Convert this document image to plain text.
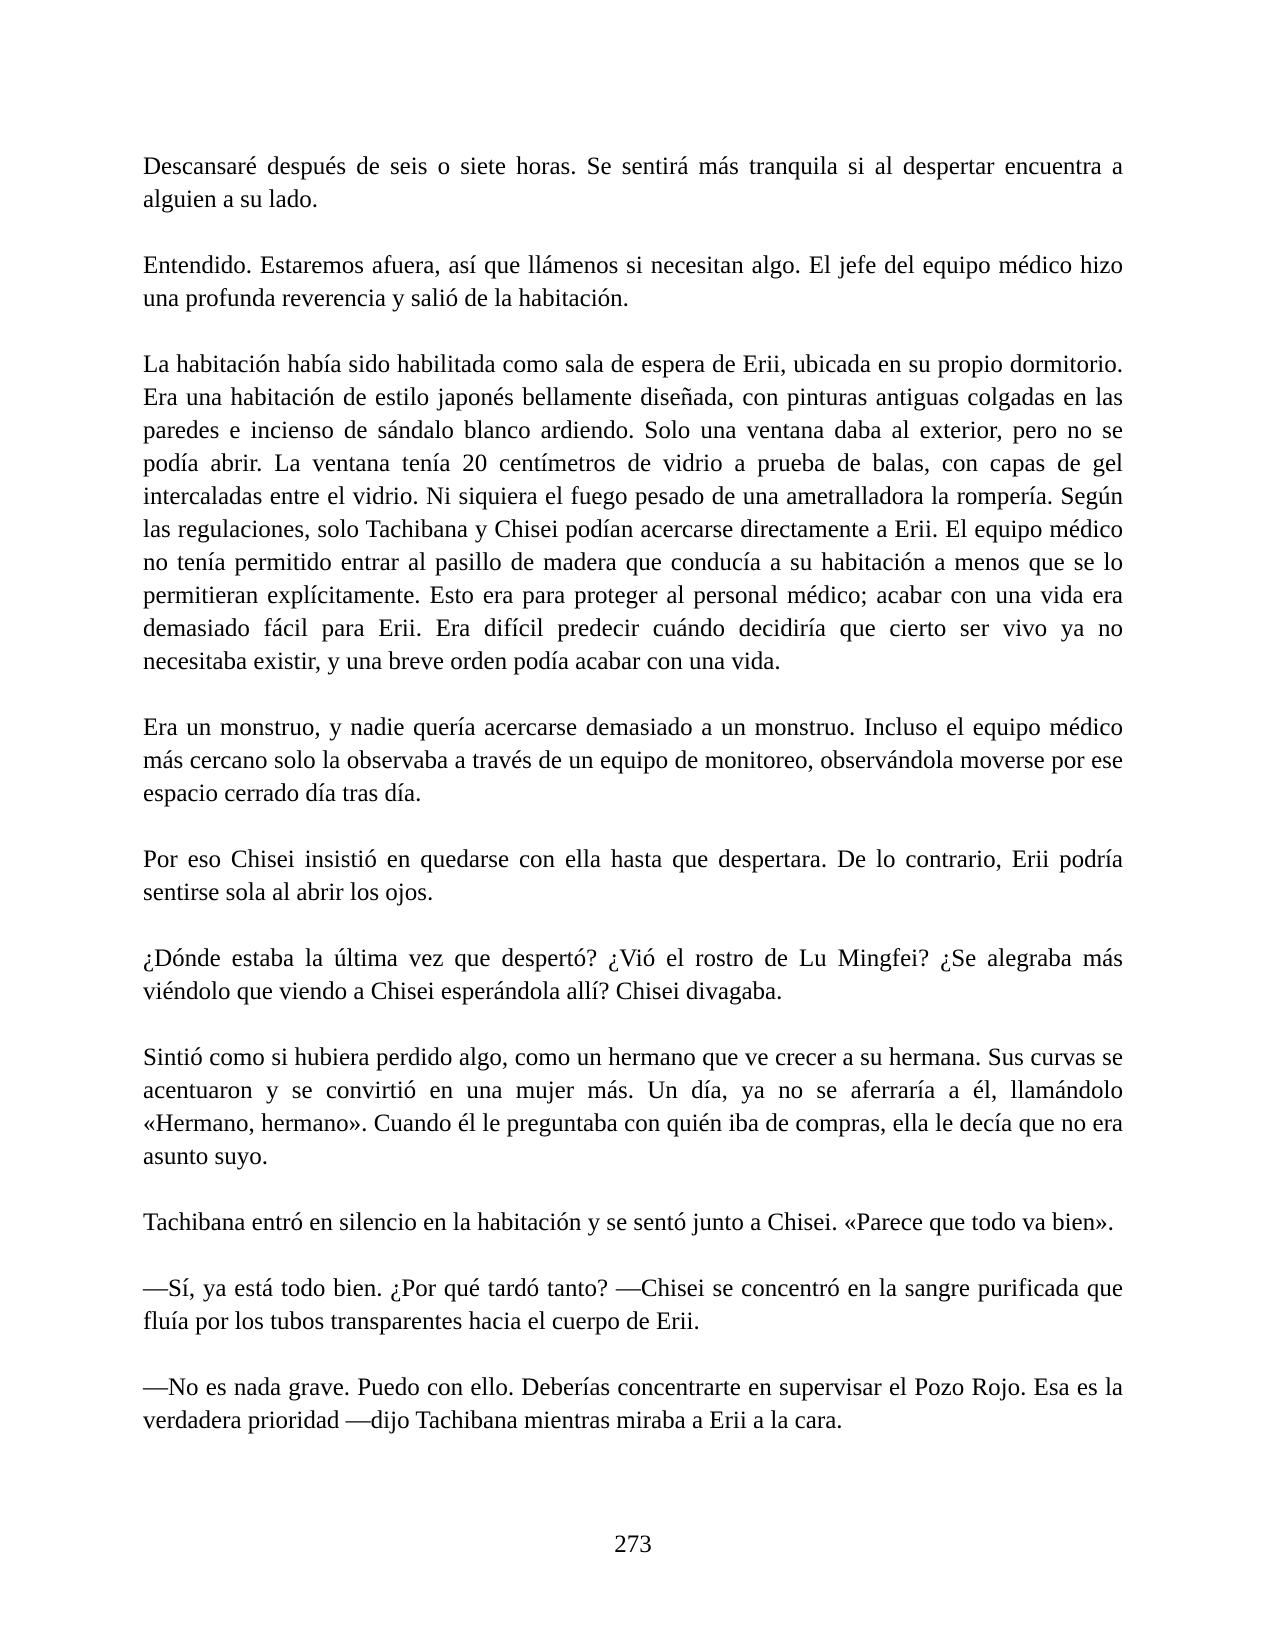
Descansaré después de seis o siete horas. Se sentirá más tranquila si al despertar encuentra a alguien a su lado.

Entendido. Estaremos afuera, así que llámenos si necesitan algo. El jefe del equipo médico hizo una profunda reverencia y salió de la habitación.

La habitación había sido habilitada como sala de espera de Erii, ubicada en su propio dormitorio. Era una habitación de estilo japonés bellamente diseñada, con pinturas antiguas colgadas en las paredes e incienso de sándalo blanco ardiendo. Solo una ventana daba al exterior, pero no se podía abrir. La ventana tenía 20 centímetros de vidrio a prueba de balas, con capas de gel intercaladas entre el vidrio. Ni siquiera el fuego pesado de una ametralladora la rompería. Según las regulaciones, solo Tachibana y Chisei podían acercarse directamente a Erii. El equipo médico no tenía permitido entrar al pasillo de madera que conducía a su habitación a menos que se lo permitieran explícitamente. Esto era para proteger al personal médico; acabar con una vida era demasiado fácil para Erii. Era difícil predecir cuándo decidiría que cierto ser vivo ya no necesitaba existir, y una breve orden podía acabar con una vida.

Era un monstruo, y nadie quería acercarse demasiado a un monstruo. Incluso el equipo médico más cercano solo la observaba a través de un equipo de monitoreo, observándola moverse por ese espacio cerrado día tras día.

Por eso Chisei insistió en quedarse con ella hasta que despertara. De lo contrario, Erii podría sentirse sola al abrir los ojos.

¿Dónde estaba la última vez que despertó? ¿Vió el rostro de Lu Mingfei? ¿Se alegraba más viéndolo que viendo a Chisei esperándola allí? Chisei divagaba.

Sintió como si hubiera perdido algo, como un hermano que ve crecer a su hermana. Sus curvas se acentuaron y se convirtió en una mujer más. Un día, ya no se aferraría a él, llamándolo «Hermano, hermano». Cuando él le preguntaba con quién iba de compras, ella le decía que no era asunto suyo.

Tachibana entró en silencio en la habitación y se sentó junto a Chisei. «Parece que todo va bien».

—Sí, ya está todo bien. ¿Por qué tardó tanto? —Chisei se concentró en la sangre purificada que fluía por los tubos transparentes hacia el cuerpo de Erii.

—No es nada grave. Puedo con ello. Deberías concentrarte en supervisar el Pozo Rojo. Esa es la verdadera prioridad —dijo Tachibana mientras miraba a Erii a la cara.

273
